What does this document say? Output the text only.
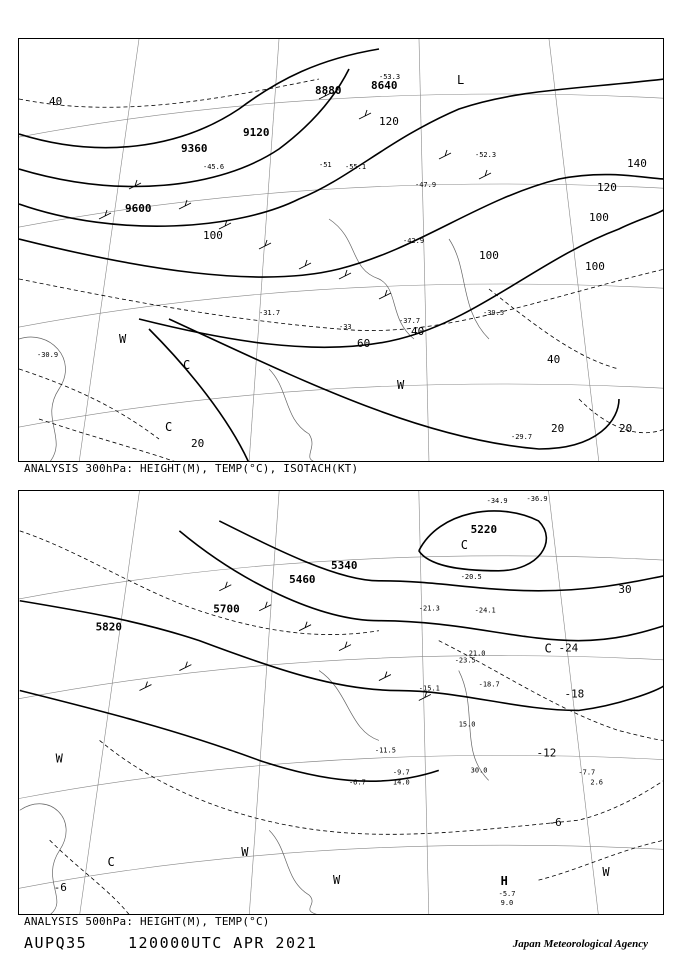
8880	8640
9120
9360
9600
20
20
20
40
40
40
60
100
100
100
100
120
120
140
L
C
C
W
W
-51
-52.3
-47.9
-42.9
-39.5
-37.7
-33
-31.7
-30.9
-29.7
-55.1
-53.3
-45.6
ANALYSIS 300hPa: HEIGHT(M), TEMP(°C), ISOTACH(KT)
5220
5460
5340
5700
5820
30
-24
-18
-12
-6
-6
C
C
C
W
W
W
W
H
-34.9	-36.9
-24.1
-21.3
-18.7
-15.1
-11.5
-9.7	-7.7
-6.7
-5.7
-20.5
-23.5
9.0
14.0
30.0
21.0
15.0
2.6
ANALYSIS 500hPa: HEIGHT(M), TEMP(°C)
AUPQ35	120000UTC APR 2021	Japan Meteorological Agency
